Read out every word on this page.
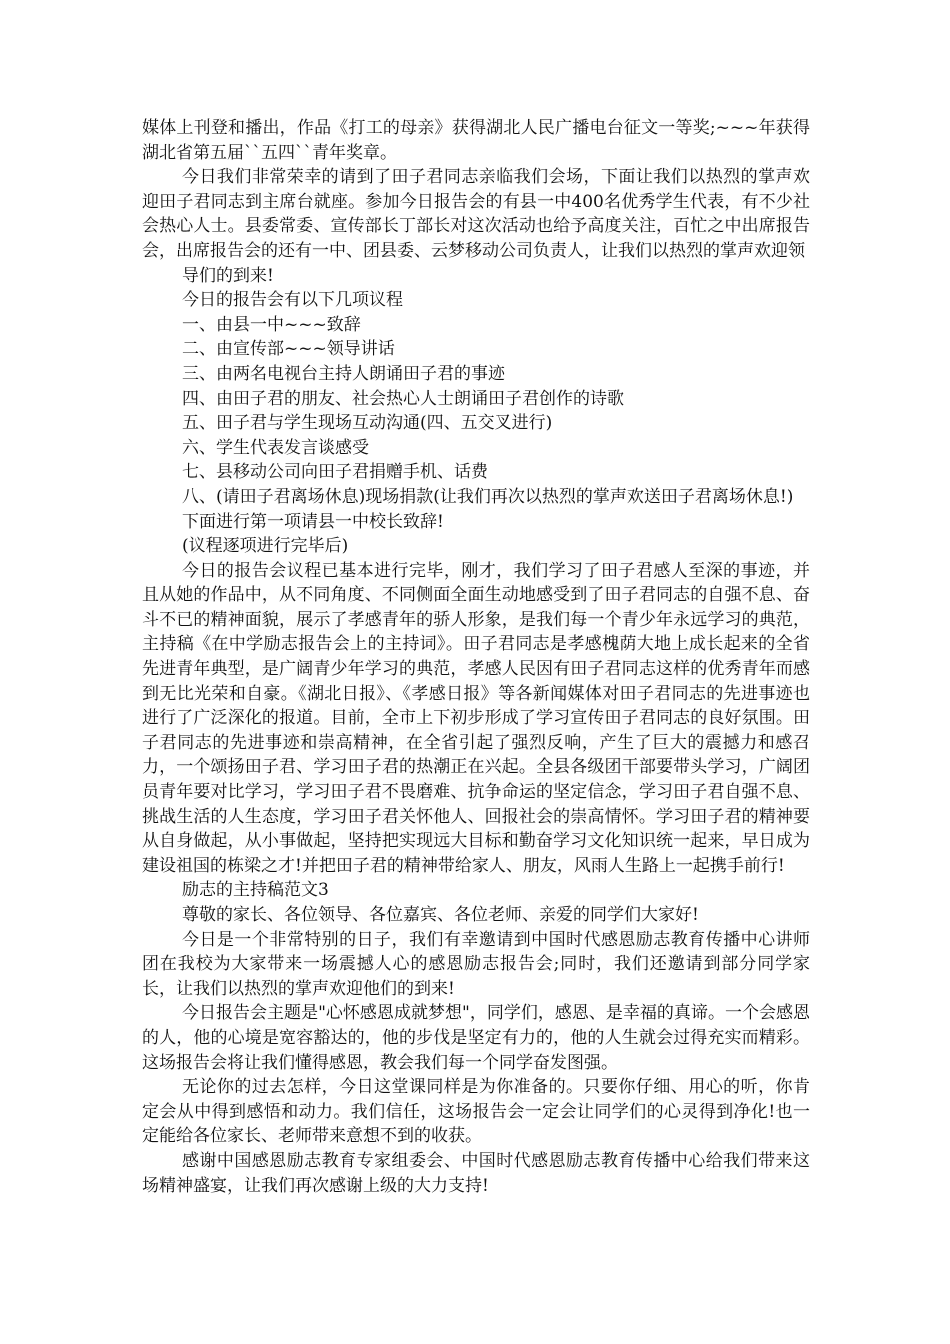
媒体上刊登和播出，作品《打工的母亲》获得湖北人民广播电台征文一等奖;~~~年获得湖北省第五届``五四``青年奖章。

今日我们非常荣幸的请到了田子君同志亲临我们会场，下面让我们以热烈的掌声欢迎田子君同志到主席台就座。参加今日报告会的有县一中400名优秀学生代表，有不少社会热心人士。县委常委、宣传部长丁部长对这次活动也给予高度关注，百忙之中出席报告会，出席报告会的还有一中、团县委、云梦移动公司负责人，让我们以热烈的掌声欢迎领

导们的到来!

今日的报告会有以下几项议程

一、由县一中~~~致辞

二、由宣传部~~~领导讲话

三、由两名电视台主持人朗诵田子君的事迹

四、由田子君的朋友、社会热心人士朗诵田子君创作的诗歌

五、田子君与学生现场互动沟通(四、五交叉进行)

六、学生代表发言谈感受

七、县移动公司向田子君捐赠手机、话费

八、(请田子君离场休息)现场捐款(让我们再次以热烈的掌声欢送田子君离场休息!)

下面进行第一项请县一中校长致辞!

(议程逐项进行完毕后)

今日的报告会议程已基本进行完毕，刚才，我们学习了田子君感人至深的事迹，并且从她的作品中，从不同角度、不同侧面全面生动地感受到了田子君同志的自强不息、奋斗不已的精神面貌，展示了孝感青年的骄人形象，是我们每一个青少年永远学习的典范，主持稿《在中学励志报告会上的主持词》。田子君同志是孝感槐荫大地上成长起来的全省先进青年典型，是广阔青少年学习的典范，孝感人民因有田子君同志这样的优秀青年而感到无比光荣和自豪。《湖北日报》、《孝感日报》等各新闻媒体对田子君同志的先进事迹也进行了广泛深化的报道。目前，全市上下初步形成了学习宣传田子君同志的良好氛围。田子君同志的先进事迹和崇高精神，在全省引起了强烈反响，产生了巨大的震撼力和感召力，一个颂扬田子君、学习田子君的热潮正在兴起。全县各级团干部要带头学习，广阔团员青年要对比学习，学习田子君不畏磨难、抗争命运的坚定信念，学习田子君自强不息、挑战生活的人生态度，学习田子君关怀他人、回报社会的崇高情怀。学习田子君的精神要从自身做起，从小事做起，坚持把实现远大目标和勤奋学习文化知识统一起来，早日成为建设祖国的栋梁之才!并把田子君的精神带给家人、朋友，风雨人生路上一起携手前行!

励志的主持稿范文3

尊敬的家长、各位领导、各位嘉宾、各位老师、亲爱的同学们大家好!

今日是一个非常特别的日子，我们有幸邀请到中国时代感恩励志教育传播中心讲师团在我校为大家带来一场震撼人心的感恩励志报告会;同时，我们还邀请到部分同学家长，让我们以热烈的掌声欢迎他们的到来!

今日报告会主题是"心怀感恩成就梦想"，同学们，感恩、是幸福的真谛。一个会感恩的人，他的心境是宽容豁达的，他的步伐是坚定有力的，他的人生就会过得充实而精彩。这场报告会将让我们懂得感恩，教会我们每一个同学奋发图强。

无论你的过去怎样，今日这堂课同样是为你准备的。只要你仔细、用心的听，你肯定会从中得到感悟和动力。我们信任，这场报告会一定会让同学们的心灵得到净化!也一定能给各位家长、老师带来意想不到的收获。

感谢中国感恩励志教育专家组委会、中国时代感恩励志教育传播中心给我们带来这场精神盛宴，让我们再次感谢上级的大力支持!
